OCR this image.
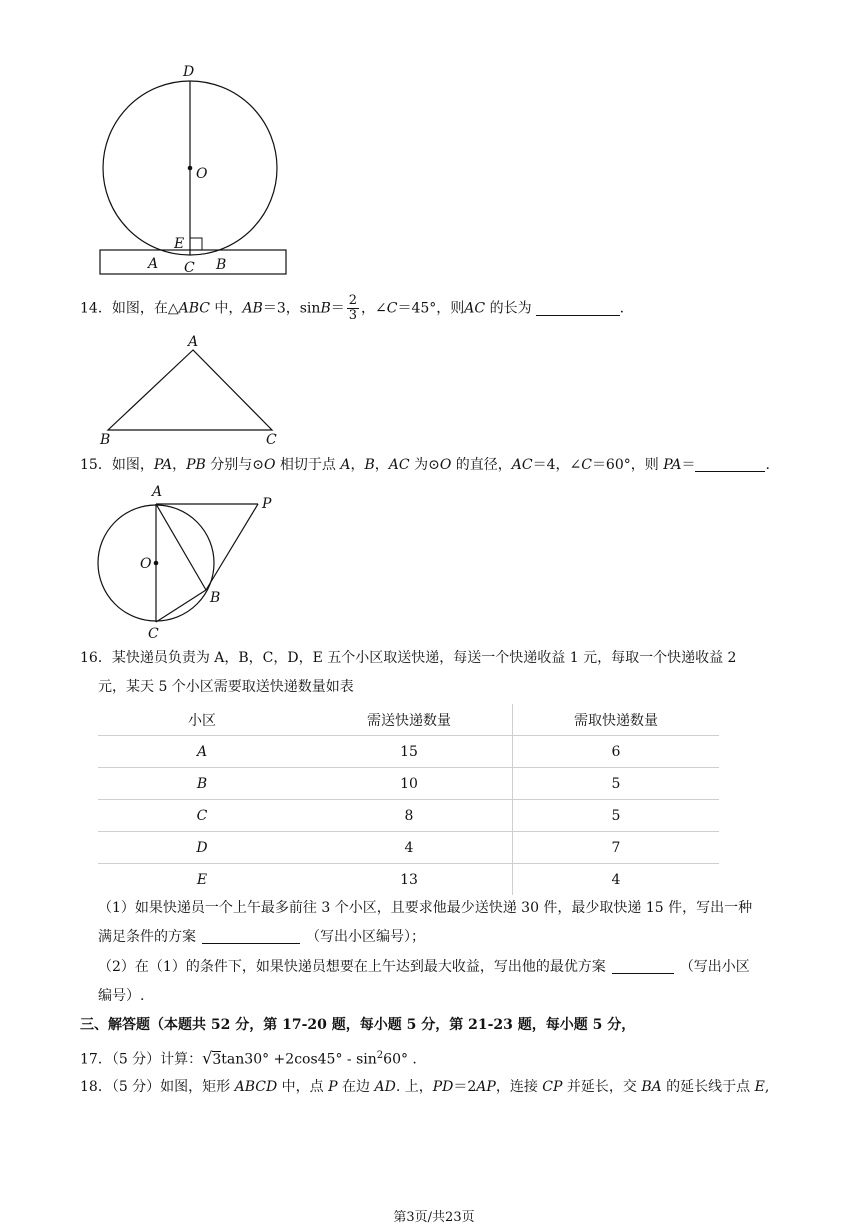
D
O
E
A C B
14．如图，在△ABC 中，AB＝3，$\sin B= \frac{2}{3}$ ，∠C＝45°，则AC 的长为	.
A
B	C
15．如图，PA，PB 分别与⊙O 相切于点 A，B，AC 为⊙O 的直径，AC＝4，∠C＝60°，则 PA＝	.
A
P
O
B
C
16．某快递员负责为 A，B，C，D，E 五个小区取送快递，每送一个快递收益 1 元，每取一个快递收益 2
元，某天 5 个小区需要取送快递数量如表
小区	需送快递数量	需取快递数量
A	15	6
B	10	5
C	8	5
D	4	7
E	13	4
（1）如果快递员一个上午最多前往 3 个小区，且要求他最少送快递 30 件，最少取快递 15 件，写出一种
满足条件的方案	（写出小区编号）；
（2）在（1）的条件下，如果快递员想要在上午达到最大收益，写出他的最优方案	（写出小区
编号）.
三、解答题（本题共 52 分，第 17-20 题，每小题 5 分，第 21-23 题，每小题 5 分，
17．（5 分）计算：$√3\tan 30^\circ +2\cos 45^\circ - \sin^260^\circ$ .
18．（5 分）如图，矩形 ABCD 中，点 P 在边 AD. 上，PD＝2AP，连接 CP 并延长，交 BA 的延长线于点 E,
第3页/共23页
